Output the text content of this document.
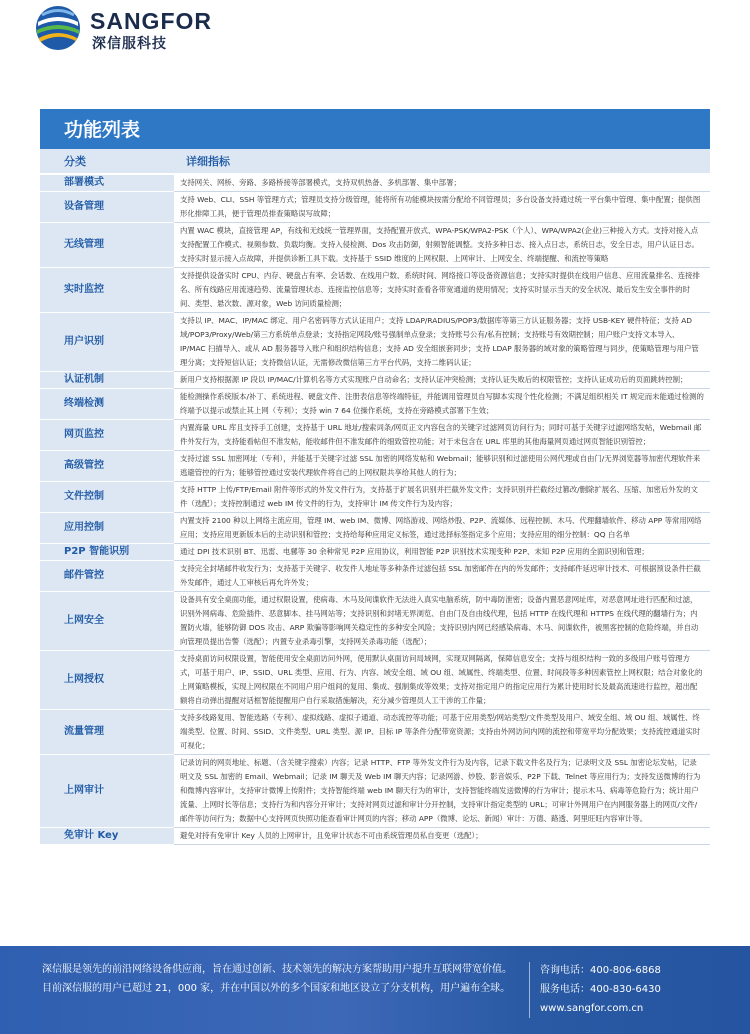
SANGFOR
深信服科技
功能列表
分类	详细指标
部署模式	支持网关、网桥、旁路、多路桥接等部署模式，支持双机热备、多机部署、集中部署；
设备管理	支持 Web、CLI、SSH 等管理方式；管理员支持分级管理，能将所有功能模块按需分配给不同管理员；多台设备支持通过统一平台集中管理、集中配置；提供图形化排障工具，便于管理员排查策略误写故障；
无线管理	内置 WAC 模块，直接管理 AP，有线和无线统一管理界面，支持配置开放式、WPA-PSK/WPA2-PSK（个人）、WPA/WPA2(企业)三种接入方式。支持对接入点支持配置工作模式、视频参数、负载均衡。支持入侵检测、Dos 攻击防御，射频智能调整。支持多种日志、接入点日志，系统日志，安全日志，用户认证日志。支持实时显示接入点故障，并提供诊断工具下载。支持基于 SSID 维度的上网权限、上网审计、上网安全、终端提醒、和流控等策略
实时监控	支持提供设备实时 CPU、内存、硬盘占有率、会话数、在线用户数、系统时间、网络接口等设备资源信息；支持实时提供在线用户信息、应用流量排名、连接排名、所有线路应用流速趋势、流量管理状态、连接监控信息等；支持实时查看各带宽通道的使用情况；支持实时显示当天的安全状况、最后发生安全事件的时间、类型、悬次数、源对象，Web 访问质量检测；
用户识别	支持以 IP、MAC、IP/MAC 绑定、用户名密码等方式认证用户；支持 LDAP/RADIUS/POP3/数据库等第三方认证服务器；支持 USB-KEY 硬件特征；支持 AD 域/POP3/Proxy/Web/第三方系统单点登录；支持指定网段/账号强制单点登录；支持账号公有/私有控制；支持账号有效期控制；用户账户支持文本导入、IP/MAC 扫描导入、或从 AD 服务器导入账户和组织结构信息；支持 AD 安全组嵌套同步；支持 LDAP 服务器的域对象的策略管理与同步，使策略管理与用户管理分离；支持短信认证；支持微信认证，无需修改微信第三方平台代码，支持二维码认证；
认证机制	新用户支持根据源 IP 段以 IP/MAC/计算机名等方式实现账户自动命名；支持认证冲突检测；支持认证失败后的权限管控；支持认证成功后的页面跳转控制；
终端检测	能检测操作系统版本/补丁、系统进程、硬盘文件、注册表信息等终端特征，并能调用管理员自写脚本实现个性化检测；不满足组织相关 IT 规定而未能通过检测的终端予以提示或禁止其上网（专利）；支持 win 7 64 位操作系统，支持在旁路模式部署下生效；
网页监控	内置海量 URL 库且支持手工创建，支持基于 URL 地址/搜索词条/网页正文内容包含的关键字过滤网页访问行为；同时可基于关键字过滤网络发帖，Webmail 邮件外发行为，支持能看帖但不准发帖，能收邮件但不准发邮件的细致管控功能；对于未包含在 URL 库里的其他海量网页通过网页智能识别管控；
高级管控	支持过滤 SSL 加密网址（专利），并能基于关键字过滤 SSL 加密的网络发帖和 Webmail；能够识别和过滤使用公网代理或自由门/无界浏览器等加密代理软件来逃避管控的行为；能够管控通过安装代理软件将自己的上网权限共享给其他人的行为；
文件控制	支持 HTTP 上传/FTP/Email 附件等形式的外发文件行为，支持基于扩展名识别并拦截外发文件；支持识别并拦截经过篡改/删除扩展名、压缩、加密后外发的文件（选配）；支持控制通过 web IM 传文件的行为，支持审计 IM 传文件行为及内容；
应用控制	内置支持 2100 种以上网络主流应用，管理 IM、web IM、微博、网络游戏、网络炒股、P2P、流媒体、远程控制、木马、代理翻墙软件、移动 APP 等常用网络应用；支持应用更新版本后的主动识别和管控；支持给每种应用定义标签，通过选择标签指定多个应用；支持应用的细分控制：QQ 白名单
P2P 智能识别	通过 DPI 技术识别 BT、迅雷、电骡等 30 余种常见 P2P 应用协议，利用智能 P2P 识别技术实现变种 P2P、未知 P2P 应用的全面识别和管理；
邮件管控	支持完全封堵邮件收发行为；支持基于关键字、收发件人地址等多种条件过滤包括 SSL 加密邮件在内的外发邮件；支持邮件延迟审计技术、可根据预设条件拦截外发邮件，通过人工审核后再允许外发；
上网安全	设备具有安全桌面功能，通过权限设置，使病毒、木马及间谍软件无法进入真实电脑系统，防中毒防泄密；设备内置恶意网址库，对恶意网址进行匹配和过滤，识别外网病毒、危险插件、恶意脚本、挂马网站等；支持识别和封堵无界浏览、自由门及自由线代理，包括 HTTP 在线代理和 HTTPS 在线代理的翻墙行为；内置防火墙，能够防御 DOS 攻击、ARP 欺骗等影响网关稳定性的多种安全风险；支持识别内网已经感染病毒、木马、间谍软件，被黑客控制的危险终端，并自动向管理员提出告警（选配）；内置专业杀毒引擎，支持网关杀毒功能（选配）；
上网授权	支持桌面访问权限设置，智能使用安全桌面访问外网，使用默认桌面访问局域网，实现双网隔离，保障信息安全；支持与组织结构一致的多级用户账号管理方式，可基于用户、IP、SSID、URL 类型、应用、行为、内容、域安全组、域 OU 组、域属性、终端类型、位置、时间段等多种因素管控上网权限；结合对象化的上网策略模板，实现上网权限在不同用户用户组间的复用、集成、强制集成等效果；支持对指定用户的指定应用行为累计使用时长及最高流速进行监控，超出配额将自动弹出提醒对话框智能提醒用户自行采取措施解决，充分减少管理员人工干涉的工作量；
流量管理	支持多线路复用、智能选路（专利）、虚拟线路、虚拟子通道、动态流控等功能；可基于应用类型/网站类型/文件类型及用户、域安全组、域 OU 组、域属性、终端类型、位置、时间、SSID、文件类型、URL 类型、源 IP、目标 IP 等条件分配带宽资源；支持由外网访问内网的流控和带宽平均分配效果；支持流控通道实时可视化；
上网审计	记录访问的网页地址、标题、（含关键字搜索）内容；记录 HTTP、FTP 等外发文件行为及内容，记录下载文件名及行为；记录明文及 SSL 加密论坛发帖，记录明文及 SSL 加密的 Email、Webmail；记录 IM 聊天及 Web IM 聊天内容；记录网游、炒股、影音娱乐、P2P 下载、Telnet 等应用行为；支持发送微博的行为和微博内容审计，支持审计微博上传附件；支持智能终端 web IM 聊天行为的审计，支持智能终端发送微博的行为审计；提示木马、病毒等危险行为；统计用户流量、上网时长等信息；支持行为和内容分开审计；支持对网页过滤和审计分开控制，支持审计指定类型的 URL；可审计外网用户在内网服务器上的网页/文件/邮件等访问行为；数据中心支持网页快照功能查看审计网页的内容；移动 APP（微博、论坛、新闻）审计：万德、路透、阿里旺旺内容审计等。
免审计 Key	避免对持有免审计 Key 人员的上网审计，且免审计状态不可由系统管理员私自变更（选配）；
深信服是领先的前沿网络设备供应商，旨在通过创新、技术领先的解决方案帮助用户提升互联网带宽价值。目前深信服的用户已超过 21，000 家，并在中国以外的多个国家和地区设立了分支机构，用户遍布全球。
咨询电话：400-806-6868
服务电话：400-830-6430
www.sangfor.com.cn
